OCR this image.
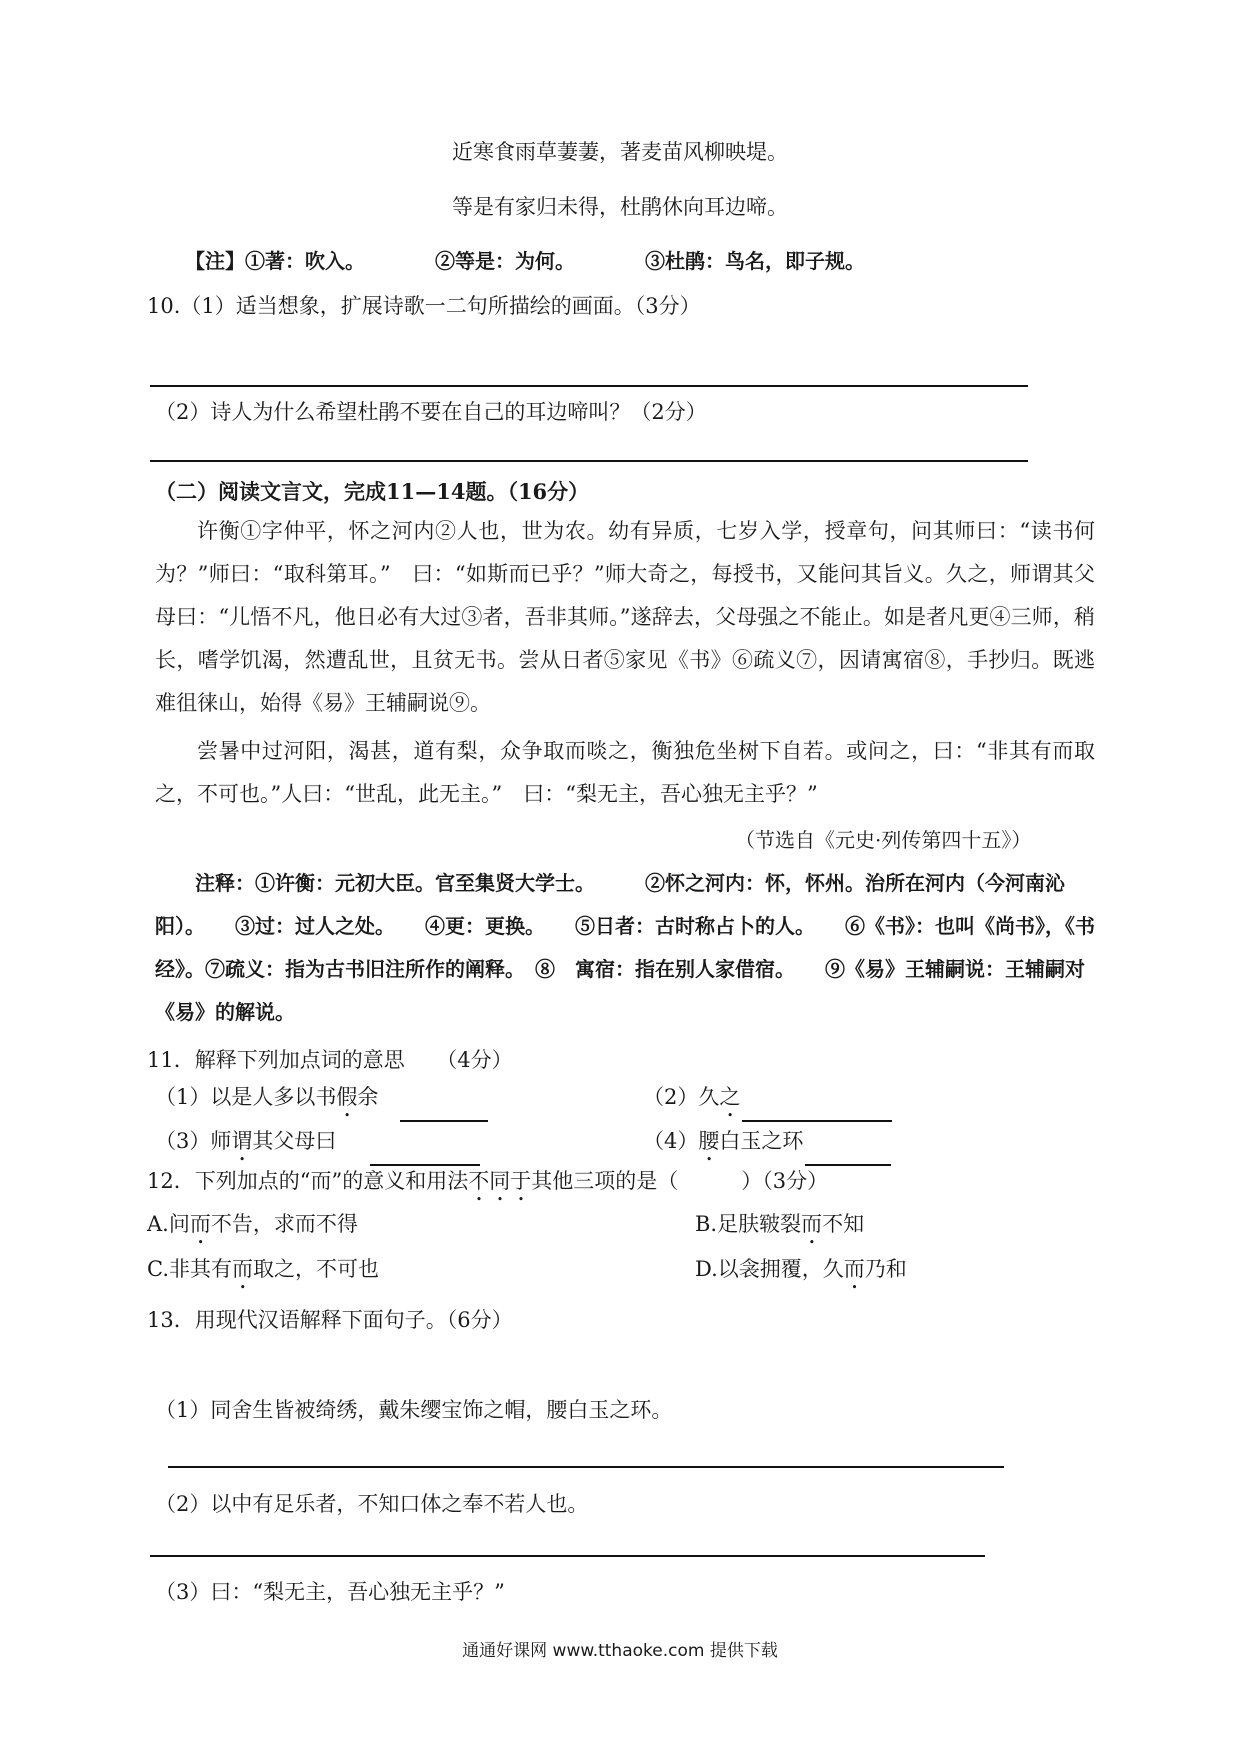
近寒食雨草萋萋，著麦苗风柳映堤。
等是有家归未得，杜鹃休向耳边啼。
【注】①著：吹入。　　　　②等是：为何。　　　　③杜鹃：鸟名，即子规。
10.（1）适当想象，扩展诗歌一二句所描绘的画面。（3分）
（2）诗人为什么希望杜鹃不要在自己的耳边啼叫？（2分）
（二）阅读文言文，完成11—14题。（16分）
许衡①字仲平，怀之河内②人也，世为农。幼有异质，七岁入学，授章句，问其师曰：“读书何为？”师曰：“取科第耳。”　曰：“如斯而已乎？”师大奇之，每授书，又能问其旨义。久之，师谓其父母曰：“儿悟不凡，他日必有大过③者，吾非其师。”遂辞去，父母强之不能止。如是者凡更④三师，稍长，嗜学饥渴，然遭乱世，且贫无书。尝从日者⑤家见《书》⑥疏义⑦，因请寓宿⑧，手抄归。既逃难徂徕山，始得《易》王辅嗣说⑨。
尝暑中过河阳，渴甚，道有梨，众争取而啖之，衡独危坐树下自若。或问之，曰：“非其有而取之，不可也。”人曰：“世乱，此无主。”　曰：“梨无主，吾心独无主乎？”
（节选自《元史·列传第四十五》）
注释：①许衡：元初大臣。官至集贤大学士。　　　②怀之河内：怀，怀州。治所在河内（今河南沁阳）。　　③过：过人之处。　　④更：更换。　　⑤日者：古时称占卜的人。　　⑥《书》：也叫《尚书》，《书经》。⑦疏义：指为古书旧注所作的阐释。　⑧　寓宿：指在别人家借宿。　　⑨《易》王辅嗣说：王辅嗣对《易》的解说。
11．解释下列加点词的意思　　（4分）
（1）以是人多以书假余	（2）久之
（3）师谓其父母曰	（4）腰白玉之环
12．下列加点的“而”的意义和用法不同于其他三项的是（　　　）（3分）
A.问而不告，求而不得	B.足肤皲裂而不知
C.非其有而取之，不可也	D.以衾拥覆，久而乃和
13．用现代汉语解释下面句子。（6分）
（1）同舍生皆被绮绣，戴朱缨宝饰之帽，腰白玉之环。
（2）以中有足乐者，不知口体之奉不若人也。
（3）曰：“梨无主，吾心独无主乎？”
通通好课网 www.tthaoke.com 提供下载
